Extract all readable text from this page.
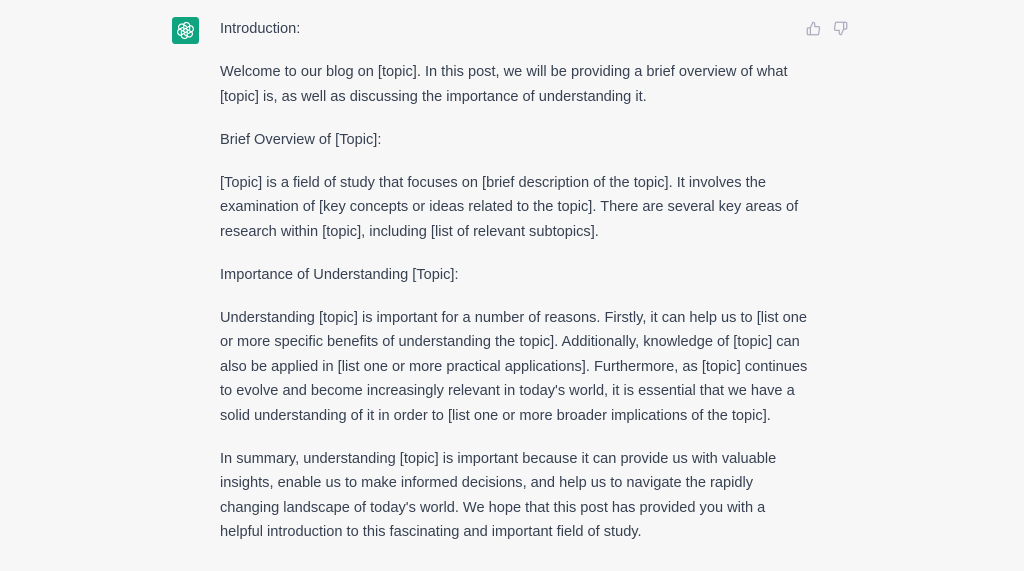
Introduction:

Welcome to our blog on [topic]. In this post, we will be providing a brief overview of what [topic] is, as well as discussing the importance of understanding it.

Brief Overview of [Topic]:

[Topic] is a field of study that focuses on [brief description of the topic]. It involves the examination of [key concepts or ideas related to the topic]. There are several key areas of research within [topic], including [list of relevant subtopics].

Importance of Understanding [Topic]:

Understanding [topic] is important for a number of reasons. Firstly, it can help us to [list one or more specific benefits of understanding the topic]. Additionally, knowledge of [topic] can also be applied in [list one or more practical applications]. Furthermore, as [topic] continues to evolve and become increasingly relevant in today's world, it is essential that we have a solid understanding of it in order to [list one or more broader implications of the topic].

In summary, understanding [topic] is important because it can provide us with valuable insights, enable us to make informed decisions, and help us to navigate the rapidly changing landscape of today's world. We hope that this post has provided you with a helpful introduction to this fascinating and important field of study.
